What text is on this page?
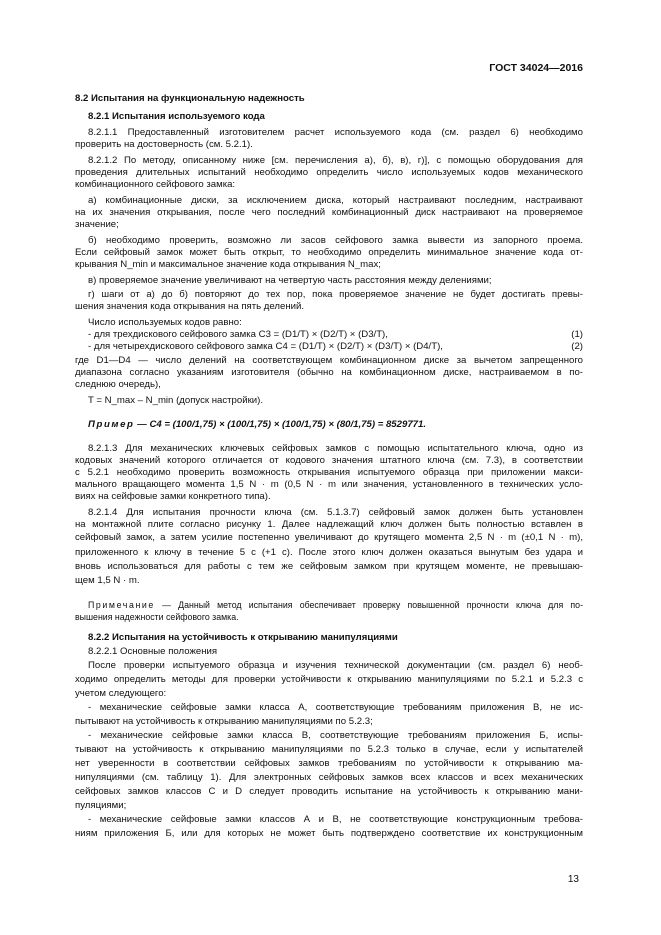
ГОСТ 34024—2016
8.2 Испытания на функциональную надежность
8.2.1 Испытания используемого кода
8.2.1.1 Предоставленный изготовителем расчет используемого кода (см. раздел 6) необходимо
проверить на достоверность (см. 5.2.1).
8.2.1.2 По методу, описанному ниже [см. перечисления а), б), в), г)], с помощью оборудования для
проведения длительных испытаний необходимо определить число используемых кодов механического
комбинационного сейфового замка:
а) комбинационные диски, за исключением диска, который настраивают последним, настраивают
на их значения открывания, после чего последний комбинационный диск настраивают на проверяемое
значение;
б) необходимо проверить, возможно ли засов сейфового замка вывести из запорного проема.
Если сейфовый замок может быть открыт, то необходимо определить минимальное значение кода от-
крывания N_min и максимальное значение кода открывания N_max;
в) проверяемое значение увеличивают на четвертую часть расстояния между делениями;
г) шаги от а) до б) повторяют до тех пор, пока проверяемое значение не будет достигать превы-
шения значения кода открывания на пять делений.
Число используемых кодов равно:
- для трехдискового сейфового замка C3 = (D1/T) × (D2/T) × (D3/T),	(1)
- для четырехдискового сейфового замка C4 = (D1/T) × (D2/T) × (D3/T) × (D4/T),	(2)
где D1—D4 — число делений на соответствующем комбинационном диске за вычетом запрещенного
диапазона согласно указаниям изготовителя (обычно на комбинационном диске, настраиваемом в по-
следнюю очередь),
T = N_max – N_min (допуск настройки).
Пример — C4 = (100/1,75) × (100/1,75) × (100/1,75) × (80/1,75) = 8529771.
8.2.1.3 Для механических ключевых сейфовых замков с помощью испытательного ключа, одно из
кодовых значений которого отличается от кодового значения штатного ключа (см. 7.3), в соответствии
с 5.2.1 необходимо проверить возможность открывания испытуемого образца при приложении макси-
мального вращающего момента 1,5 N · m (0,5 N · m или значения, установленного в технических усло-
виях на сейфовые замки конкретного типа).
8.2.1.4 Для испытания прочности ключа (см. 5.1.3.7) сейфовый замок должен быть установлен
на монтажной плите согласно рисунку 1. Далее надлежащий ключ должен быть полностью вставлен в
сейфовый замок, а затем усилие постепенно увеличивают до крутящего момента 2,5 N · m (±0,1 N · m),
приложенного к ключу в течение 5 с (+1 с). После этого ключ должен оказаться вынутым без удара и
вновь использоваться для работы с тем же сейфовым замком при крутящем моменте, не превышаю-
щем 1,5 N · m.
Примечание — Данный метод испытания обеспечивает проверку повышенной прочности ключа для по-
вышения надежности сейфового замка.
8.2.2 Испытания на устойчивость к открыванию манипуляциями
8.2.2.1 Основные положения
После проверки испытуемого образца и изучения технической документации (см. раздел 6) необ-
ходимо определить методы для проверки устойчивости к открыванию манипуляциями по 5.2.1 и 5.2.3 с
учетом следующего:
- механические сейфовые замки класса А, соответствующие требованиям приложения В, не ис-
пытывают на устойчивость к открыванию манипуляциями по 5.2.3;
- механические сейфовые замки класса В, соответствующие требованиям приложения Б, испы-
тывают на устойчивость к открыванию манипуляциями по 5.2.3 только в случае, если у испытателей
нет уверенности в соответствии сейфовых замков требованиям по устойчивости к открыванию ма-
нипуляциями (см. таблицу 1). Для электронных сейфовых замков всех классов и всех механических
сейфовых замков классов С и D следует проводить испытание на устойчивость к открыванию мани-
пуляциями;
- механические сейфовые замки классов А и В, не соответствующие конструкционным требова-
ниям приложения Б, или для которых не может быть подтверждено соответствие их конструкционным
13
